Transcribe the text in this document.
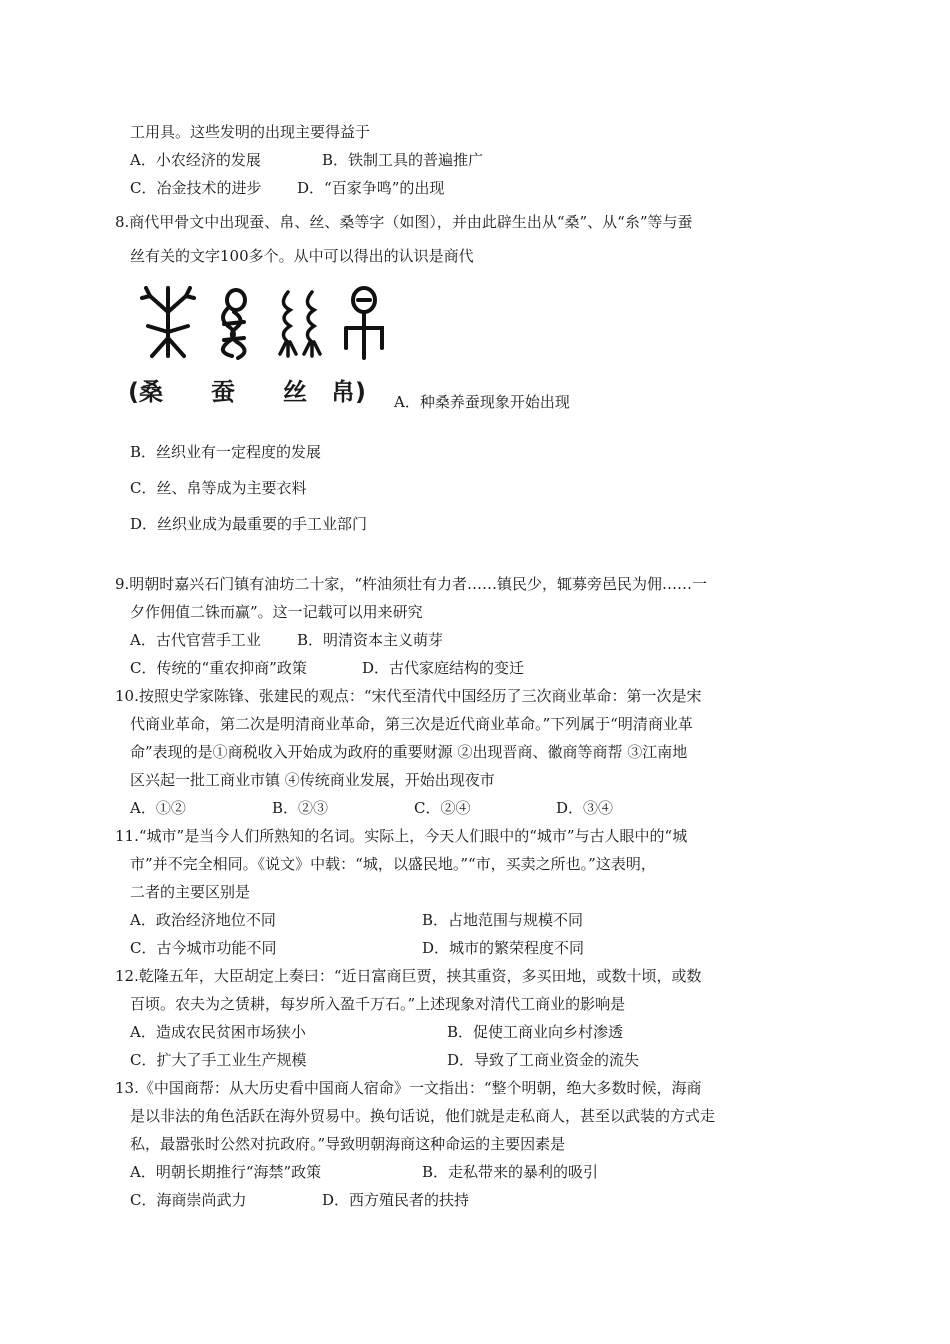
工用具。这些发明的出现主要得益于
A．小农经济的发展	B．铁制工具的普遍推广
C．冶金技术的进步 D．“百家争鸣”的出现
8.商代甲骨文中出现蚕、帛、丝、桑等字（如图），并由此辟生出从“桑”、从“糸”等与蚕
丝有关的文字100多个。从中可以得出的认识是商代
(桑　　蚕　　丝　帛) A．种桑养蚕现象开始出现
B．丝织业有一定程度的发展
C．丝、帛等成为主要衣料
D．丝织业成为最重要的手工业部门
9.明朝时嘉兴石门镇有油坊二十家，“杵油须壮有力者……镇民少，辄募旁邑民为佣……一
夕作佣值二铢而赢”。这一记载可以用来研究
A．古代官营手工业 B．明清资本主义萌芽
C．传统的“重农抑商”政策	D．古代家庭结构的变迁
10.按照史学家陈锋、张建民的观点：“宋代至清代中国经历了三次商业革命：第一次是宋
代商业革命，第二次是明清商业革命，第三次是近代商业革命。”下列属于“明清商业革
命”表现的是①商税收入开始成为政府的重要财源 ②出现晋商、徽商等商帮 ③江南地
区兴起一批工商业市镇 ④传统商业发展，开始出现夜市
A．①②	B．②③	C．②④	D．③④
11.“城市”是当今人们所熟知的名词。实际上，今天人们眼中的“城市”与古人眼中的“城
市”并不完全相同。《说文》中载：“城，以盛民地。”“市，买卖之所也。”这表明，
二者的主要区别是
A．政治经济地位不同	B．占地范围与规模不同
C．古今城市功能不同	D．城市的繁荣程度不同
12.乾隆五年，大臣胡定上奏曰：“近日富商巨贾，挟其重资，多买田地，或数十顷，或数
百顷。农夫为之赁耕，每岁所入盈千万石。”上述现象对清代工商业的影响是
A．造成农民贫困市场狭小	B．促使工商业向乡村渗透
C．扩大了手工业生产规模	D．导致了工商业资金的流失
13.《中国商帮：从大历史看中国商人宿命》一文指出：“整个明朝，绝大多数时候，海商
是以非法的角色活跃在海外贸易中。换句话说，他们就是走私商人，甚至以武装的方式走
私，最嚣张时公然对抗政府。”导致明朝海商这种命运的主要因素是
A．明朝长期推行“海禁”政策	B．走私带来的暴利的吸引
C．海商崇尚武力	D．西方殖民者的扶持
